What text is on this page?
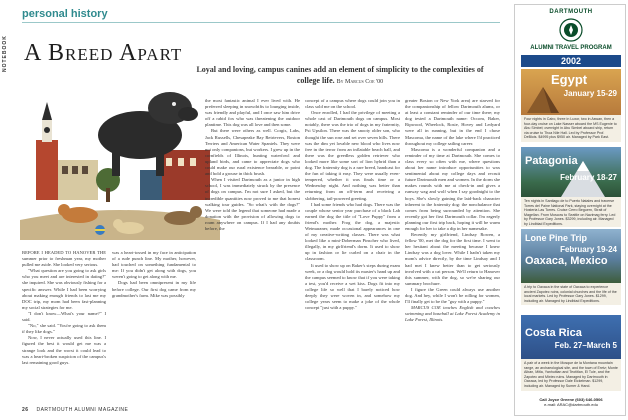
NOTEBOOK
personal history
A Breed Apart
Loyal and loving, campus canines add an element of simplicity to the complexities of college life. By Marcus Coe '00

BEFORE I HEADED TO HANOVER THE summer prior to freshman year, my mother pulled me aside. She looked very serious.

"What question are you going to ask girls who you meet and are interested in dating?" she inquired. She was obviously fishing for a specific answer. While I had been worrying about making enough friends to last me my DOC trip, my mom had been fast-planning my social strategies for me.

"I don't know—What's your name?" I said.

"No," she said. "You're going to ask them if they like dogs."

Now, I never actually used this line. I figured the best it would get me was a strange look and the worst it could lead to was a heart-broken suspicion of the campus's last remaining good guys.

was a heart-tossed in my face in anticipation of a rude punch line. My mother, however, had touched on something fundamental to me: If you didn't get along with dogs, you weren't going to get along with me.

Dogs had been omnipresent in my life before college. Our first dog came from my grandmother's farm. Mike was possibly

the most fantastic animal I ever lived with. He preferred sleeping in snowdrifts to lounging inside, was friendly and playful, and I once saw him drive off a rabid fox who was threatening the outdoor plantime. This dog was all love and then some.

But there were others as well. Corgis, Labs, Jack Russells, Chesapeake Bay Retrievers, Boston Terriers and American Water Spaniels. They were not only companions, but workers. I grew up in the cornfields of Illinois, hunting waterfowl and upland birds, and came to appreciate dogs who could make our rural existence bearable, or point and hold a grouse in thick brush.

When I visited Dartmouth as a junior in high school, I was immediately struck by the presence of dogs on campus. I'm not sure I asked, but the incredible quantities now proved to me that honest walking tour guides. "So what's with the dogs?" We were told the legend that someone had made a donation with the provision of allowing dogs to roam anywhere on campus. If I had any doubts before, the

concept of a campus where dogs could join you in class sold me on the school.

Once enrolled, I had the privilege of meeting a whole cast of Dartmouth dogs on campus. Most notably, there was the trio of dogs in my fraternity, Psi Upsilon. There was the snooty older son, who thought the sun rose and set over seven hills. There was the dim yet lovable new blood who lives now free in the terror from an inflatable beach ball, and there was the greedless golden retriever who looked more like some sort of lion hybrid than a dog. The fraternity dog is a rare breed, handcast for the fun of taking it easy. They were usually even-tempered, whether it was finals time or a Wednesday night. And nothing was better than returning from an off-term and receiving a slobbering, tail-powered greeting.

I had some friends who had dogs. There was the couple whose senior year purchase of a black Lab earned the dog the title of "Love Puppy" from a friend's mother. Frog the dog, a majestic Weimaraner, made occasional appearances in one of my creative-writing classes. There was what looked like a mini-Doberman Pinscher who lived, illegally, in my girlfriend's dorm. It used to show up in fashion or lie curled on a chair in the classroom.

It used to show up on Baker's steps during exam week, or a dog would hold its master's hand up and the campus seemed to know that if you were taking a test, you'd receive a wet kiss. Dogs fit into my college life so well that I barely noticed how deeply they were woven in, and somehow my college years seem to make a joke of the whole concept "just with a puppy."

greater Boston or New York area) are starved for the companionship of fellow Dartmouth alums, or at least a constant reminder of our time there; my dog tested a Dartmouth name: Occom, Baker, Ripwood, Wheelock, Rosie, Hovey and Ledyard were all in running, but in the end I chose Mascoma, the name of the lake where I'd practiced throughout my college sailing career.

Mascoma is a wonderful companion and a reminder of my time at Dartmouth. She comes to class every so often with me, where questions about her name introduce opportunities to wax sentimental about my college days and recruit future Dartmouth men and women. In the dorm she makes rounds with me at check-in and gives a runway wag and wolf when I say goodnight to the boys. She's slowly gaining the laid-back character inherent to the fraternity dog: the nonchalance that comes from being surrounded by attention. She recently got her first Dartmouth collar. I'm eagerly planning our first trip back, hoping it will be warm enough for her to take a dip in her namesake.

Recently my girlfriend, Lindsay Rowen, a fellow '00, met the dog for the first time. I went to her hesitant about the meeting because I knew Lindsay was a dog lover. While I hadn't taken my mom's advice directly, by the time Lindsay and I had met I knew better than to get seriously involved with a cat person. We'll return to Hanover this summer, with the dog, so we're sharing our summary brochure.

I figure the Green could always use another dog. And hey, while I won't be rolling for women, I'll finally get to be the "guy with a puppy."

MARCUS COE teaches English and coaches swimming and baseball at Lake Forest Academy in Lake Forest, Illinois.

26 DARTMOUTH ALUMNI MAGAZINE
DARTMOUTH
ALUMNI TRAVEL PROGRAM
2002
Egypt
January 15-29
Four nights in Cairo, three in Luxor, two in Aswan, then a four-day cruise on Lake Nasser aboard the MS Eugenie to Abu Simbel; overnight in Abu Simbel aboard ship, return via cruise to Thoa Nile Hall. Led by Professor Prof. DeBlois. $4995 plus $950 air. Managed by Park East.
Patagonia
February 18-27
Ten nights in Santiago de to Puerto Natales and traverse Torres del Paine National Park, staying overnight at the Hosteria Las Torres. Cruise Cerro Beguern, Strait of Magellan. From Moscow to Seattle on Navimag ferry. Led by Professor Gary Jones. $3299, including air. Managed by Lindblad Expeditions.
Lone Pine Trip
February 19-24
Oaxaca, Mexico
A trip to Oaxaca in the state of Oaxaca to experience ancient Zapotec ruins, colonial churches and the life of the local markets. Led by Professor Gary Jones. $1299, including air. Managed by Lindblad Expeditions.
Costa Rica
Feb. 27–March 5
A pair of a week in the Mosque de la Montana mountain range, an archaeological site, and the town of Eretz; Monte Alban, Mitla, Yanhuitlan and Teotitlan, El Tule, and the Zapotec and Mixtec ruins. Managed by Dartmouth in Oaxaca, led by Professor Dale Eickelman. $1299, including air. Managed by Sumer & Hand.
Call Joyce Greene (603) 646-0506
e-mail: ARAC@dartmouth.edu
